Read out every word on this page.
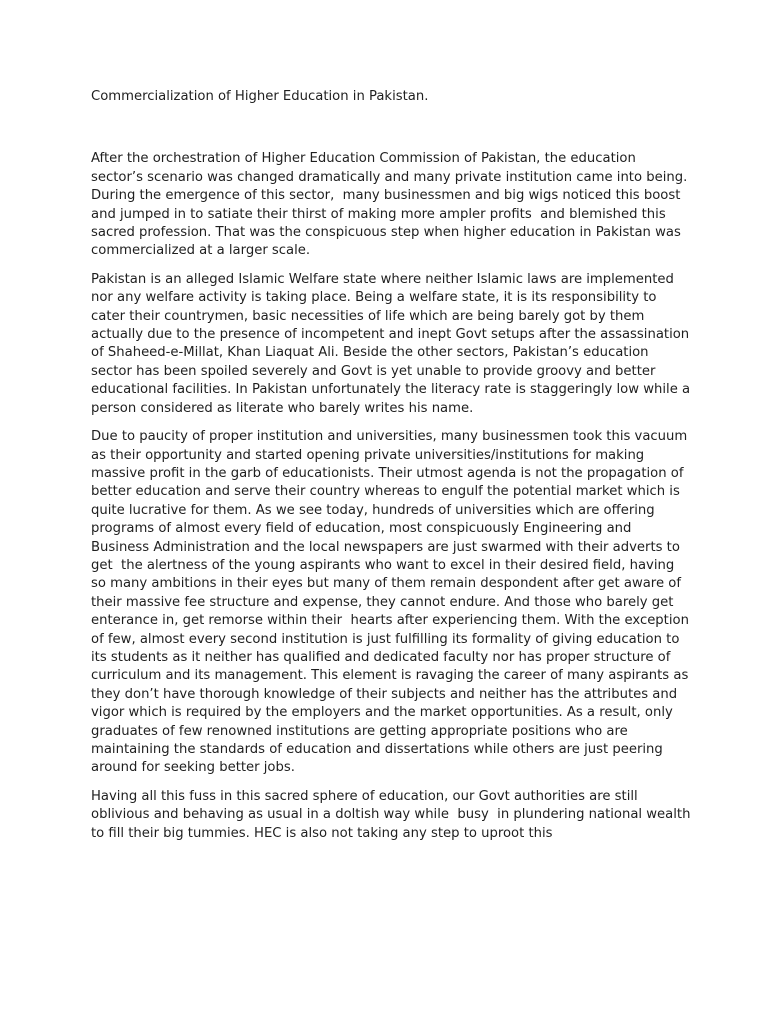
Commercialization of Higher Education in Pakistan.

After the orchestration of Higher Education Commission of Pakistan, the education sector’s scenario was changed dramatically and many private institution came into being. During the emergence of this sector,  many businessmen and big wigs noticed this boost and jumped in to satiate their thirst of making more ampler profits  and blemished this sacred profession. That was the conspicuous step when higher education in Pakistan was commercialized at a larger scale.

Pakistan is an alleged Islamic Welfare state where neither Islamic laws are implemented nor any welfare activity is taking place. Being a welfare state, it is its responsibility to cater their countrymen, basic necessities of life which are being barely got by them actually due to the presence of incompetent and inept Govt setups after the assassination of Shaheed-e-Millat, Khan Liaquat Ali. Beside the other sectors, Pakistan’s education sector has been spoiled severely and Govt is yet unable to provide groovy and better educational facilities. In Pakistan unfortunately the literacy rate is staggeringly low while a person considered as literate who barely writes his name.

Due to paucity of proper institution and universities, many businessmen took this vacuum as their opportunity and started opening private universities/institutions for making massive profit in the garb of educationists. Their utmost agenda is not the propagation of better education and serve their country whereas to engulf the potential market which is quite lucrative for them. As we see today, hundreds of universities which are offering programs of almost every field of education, most conspicuously Engineering and Business Administration and the local newspapers are just swarmed with their adverts to get  the alertness of the young aspirants who want to excel in their desired field, having so many ambitions in their eyes but many of them remain despondent after get aware of their massive fee structure and expense, they cannot endure. And those who barely get enterance in, get remorse within their  hearts after experiencing them. With the exception of few, almost every second institution is just fulfilling its formality of giving education to its students as it neither has qualified and dedicated faculty nor has proper structure of curriculum and its management. This element is ravaging the career of many aspirants as they don’t have thorough knowledge of their subjects and neither has the attributes and vigor which is required by the employers and the market opportunities. As a result, only graduates of few renowned institutions are getting appropriate positions who are maintaining the standards of education and dissertations while others are just peering around for seeking better jobs.

Having all this fuss in this sacred sphere of education, our Govt authorities are still oblivious and behaving as usual in a doltish way while  busy  in plundering national wealth to fill their big tummies. HEC is also not taking any step to uproot this
